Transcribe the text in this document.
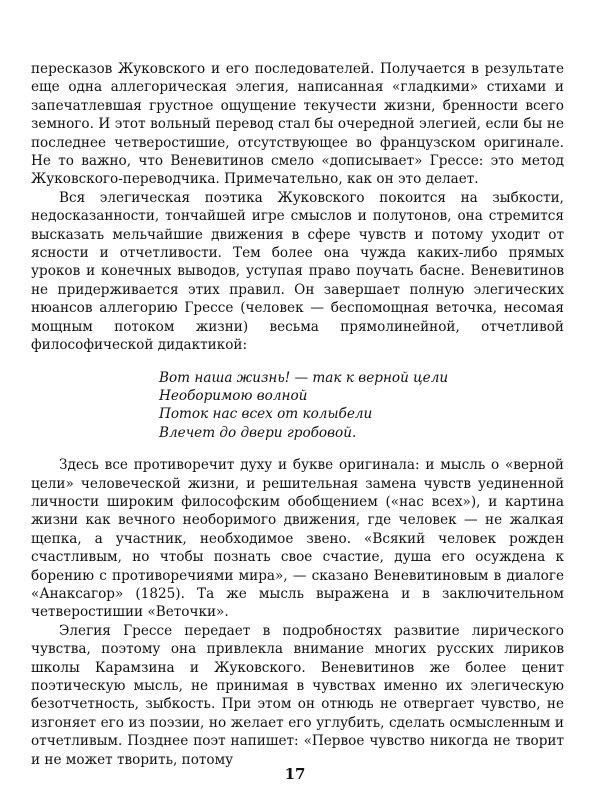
пересказов Жуковского и его последователей. Получается в результате еще одна аллегорическая элегия, написанная «гладкими» стихами и запечатлевшая грустное ощущение текучести жизни, бренности всего земного. И этот вольный перевод стал бы очередной элегией, если бы не последнее четверостишие, отсутствующее во французском оригинале. Не то важно, что Веневитинов смело «дописывает» Грессе: это метод Жуковского-переводчика. Примечательно, как он это делает.

Вся элегическая поэтика Жуковского покоится на зыбкости, недосказанности, тончайшей игре смыслов и полутонов, она стремится высказать мельчайшие движения в сфере чувств и потому уходит от ясности и отчетливости. Тем более она чужда каких-либо прямых уроков и конечных выводов, уступая право поучать басне. Веневитинов не придерживается этих правил. Он завершает полную элегических нюансов аллегорию Грессе (человек — беспомощная веточка, несомая мощным потоком жизни) весьма прямолинейной, отчетливой философической дидактикой:

Вот наша жизнь! — так к верной цели
Необоримою волной
Поток нас всех от колыбели
Влечет до двери гробовой.

Здесь все противоречит духу и букве оригинала: и мысль о «верной цели» человеческой жизни, и решительная замена чувств уединенной личности широким философским обобщением («нас всех»), и картина жизни как вечного необоримого движения, где человек — не жалкая щепка, а участник, необходимое звено. «Всякий человек рожден счастливым, но чтобы познать свое счастие, душа его осуждена к борению с противоречиями мира», — сказано Веневитиновым в диалоге «Анаксагор» (1825). Та же мысль выражена и в заключительном четверостишии «Веточки».

Элегия Грессе передает в подробностях развитие лирического чувства, поэтому она привлекла внимание многих русских лириков школы Карамзина и Жуковского. Веневитинов же более ценит поэтическую мысль, не принимая в чувствах именно их элегическую безотчетность, зыбкость. При этом он отнюдь не отвергает чувство, не изгоняет его из поэзии, но желает его углубить, сделать осмысленным и отчетливым. Позднее поэт напишет: «Первое чувство никогда не творит и не может творить, потому

17
